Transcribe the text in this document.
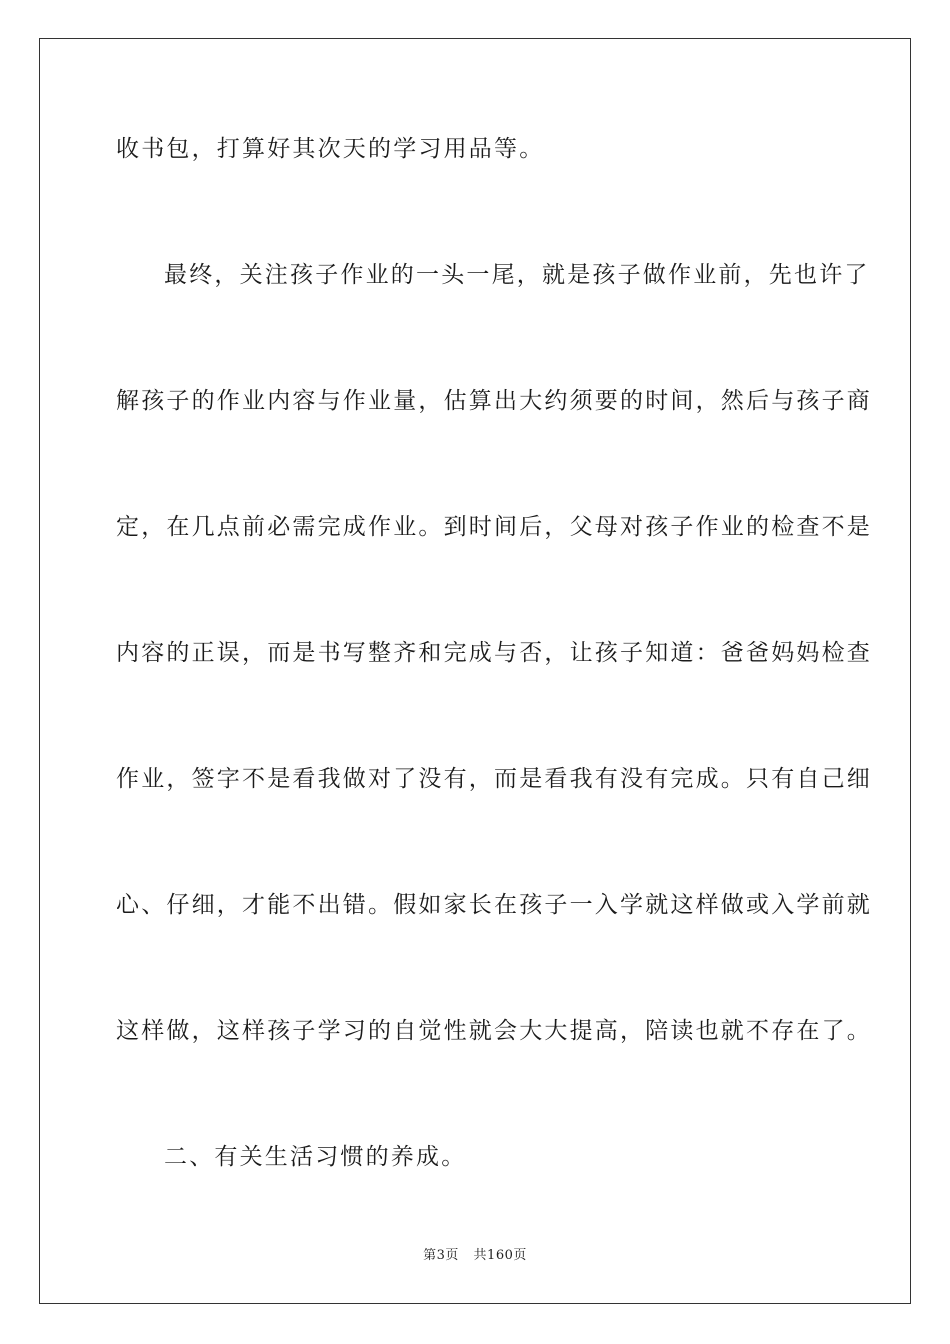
收书包，打算好其次天的学习用品等。
最终，关注孩子作业的一头一尾，就是孩子做作业前，先也许了
解孩子的作业内容与作业量，估算出大约须要的时间，然后与孩子商
定，在几点前必需完成作业。到时间后，父母对孩子作业的检查不是
内容的正误，而是书写整齐和完成与否，让孩子知道：爸爸妈妈检查
作业，签字不是看我做对了没有，而是看我有没有完成。只有自己细
心、仔细，才能不出错。假如家长在孩子一入学就这样做或入学前就
这样做，这样孩子学习的自觉性就会大大提高，陪读也就不存在了。
二、有关生活习惯的养成。
第3页 共160页
